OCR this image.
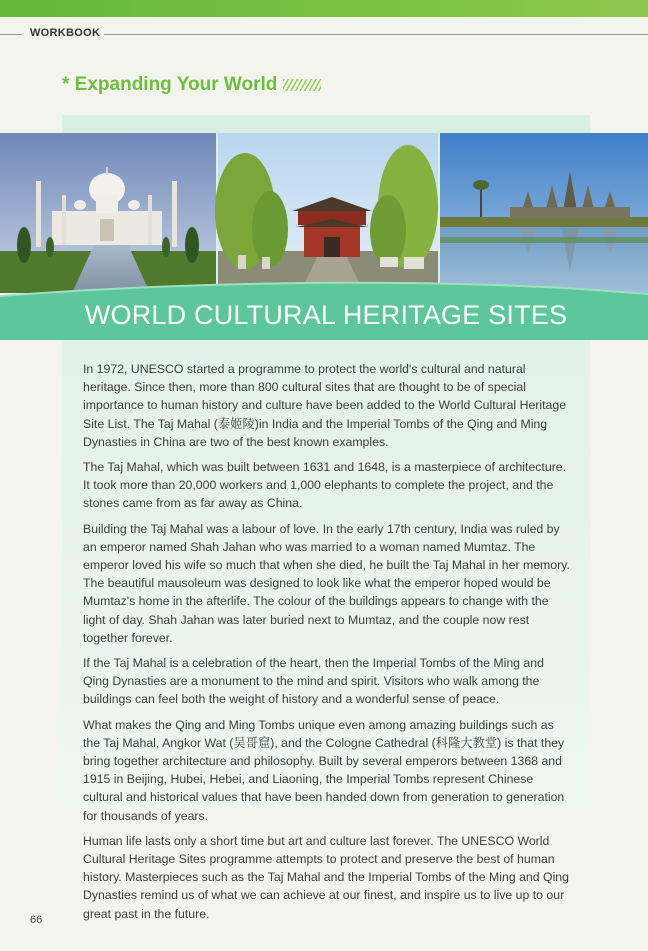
WORKBOOK
* Expanding Your World
WORLD CULTURAL HERITAGE SITES

In 1972, UNESCO started a programme to protect the world's cultural and natural heritage. Since then, more than 800 cultural sites that are thought to be of special importance to human history and culture have been added to the World Cultural Heritage Site List. The Taj Mahal (泰姬陵)in India and the Imperial Tombs of the Qing and Ming Dynasties in China are two of the best known examples.

The Taj Mahal, which was built between 1631 and 1648, is a masterpiece of architecture. It took more than 20,000 workers and 1,000 elephants to complete the project, and the stones came from as far away as China.

Building the Taj Mahal was a labour of love. In the early 17th century, India was ruled by an emperor named Shah Jahan who was married to a woman named Mumtaz. The emperor loved his wife so much that when she died, he built the Taj Mahal in her memory. The beautiful mausoleum was designed to look like what the emperor hoped would be Mumtaz's home in the afterlife. The colour of the buildings appears to change with the light of day. Shah Jahan was later buried next to Mumtaz, and the couple now rest together forever.

If the Taj Mahal is a celebration of the heart, then the Imperial Tombs of the Ming and Qing Dynasties are a monument to the mind and spirit. Visitors who walk among the buildings can feel both the weight of history and a wonderful sense of peace.

What makes the Qing and Ming Tombs unique even among amazing buildings such as the Taj Mahal, Angkor Wat (吴哥窟), and the Cologne Cathedral (科隆大教堂) is that they bring together architecture and philosophy. Built by several emperors between 1368 and 1915 in Beijing, Hubei, Hebei, and Liaoning, the Imperial Tombs represent Chinese cultural and historical values that have been handed down from generation to generation for thousands of years.

Human life lasts only a short time but art and culture last forever. The UNESCO World Cultural Heritage Sites programme attempts to protect and preserve the best of human history. Masterpieces such as the Taj Mahal and the Imperial Tombs of the Ming and Qing Dynasties remind us of what we can achieve at our finest, and inspire us to live up to our great past in the future.

66
